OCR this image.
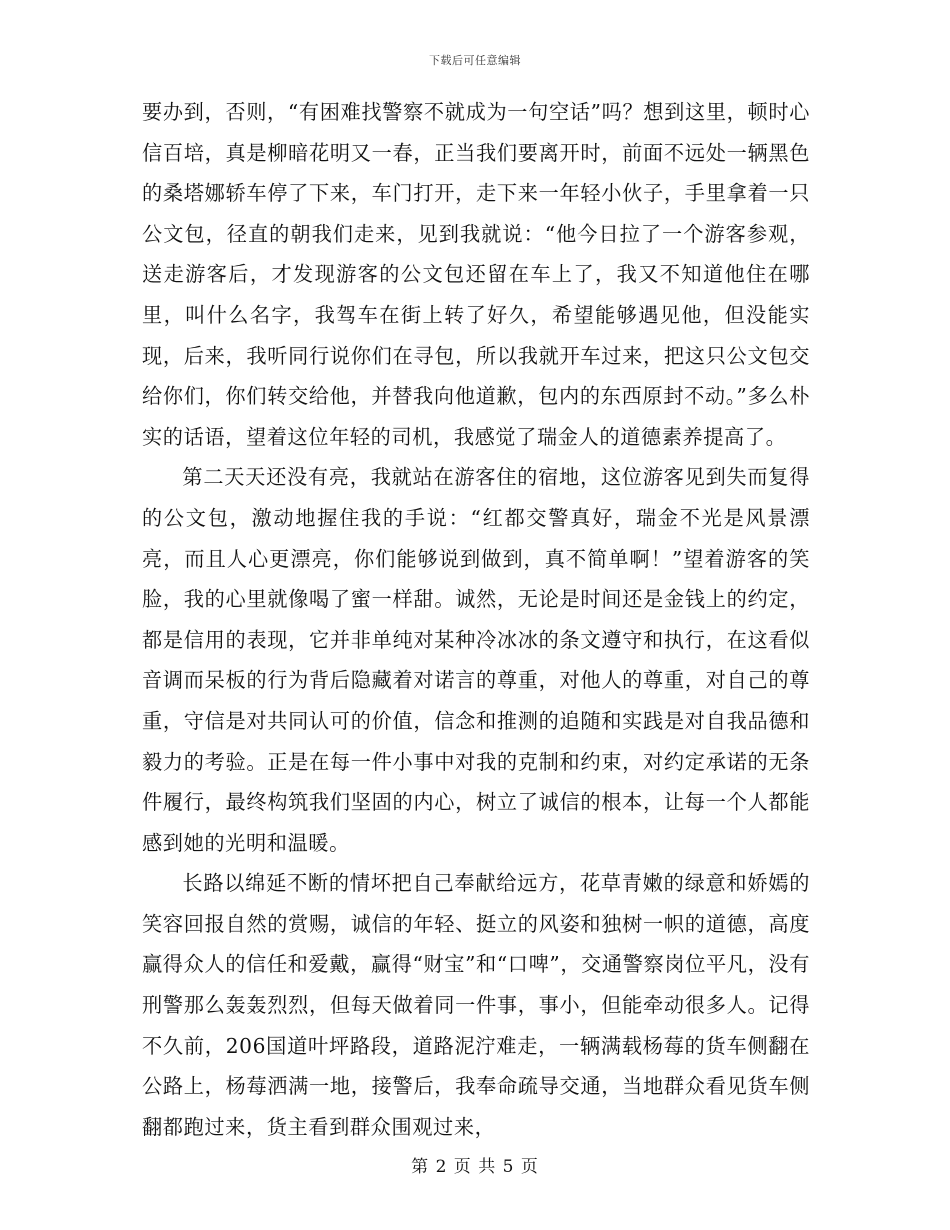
下载后可任意编辑

要办到，否则，“有困难找警察不就成为一句空话”吗？想到这里，顿时心信百培，真是柳暗花明又一春，正当我们要离开时，前面不远处一辆黑色的桑塔娜轿车停了下来，车门打开，走下来一年轻小伙子，手里拿着一只公文包，径直的朝我们走来，见到我就说：“他今日拉了一个游客参观，送走游客后，才发现游客的公文包还留在车上了，我又不知道他住在哪里，叫什么名字，我驾车在街上转了好久，希望能够遇见他，但没能实现，后来，我听同行说你们在寻包，所以我就开车过来，把这只公文包交给你们，你们转交给他，并替我向他道歉，包内的东西原封不动。”多么朴实的话语，望着这位年轻的司机，我感觉了瑞金人的道德素养提高了。

第二天天还没有亮，我就站在游客住的宿地，这位游客见到失而复得的公文包，激动地握住我的手说：“红都交警真好，瑞金不光是风景漂亮，而且人心更漂亮，你们能够说到做到，真不简单啊！”望着游客的笑脸，我的心里就像喝了蜜一样甜。诚然，无论是时间还是金钱上的约定，都是信用的表现，它并非单纯对某种冷冰冰的条文遵守和执行，在这看似音调而呆板的行为背后隐藏着对诺言的尊重，对他人的尊重，对自己的尊重，守信是对共同认可的价值，信念和推测的追随和实践是对自我品德和毅力的考验。正是在每一件小事中对我的克制和约束，对约定承诺的无条件履行，最终构筑我们坚固的内心，树立了诚信的根本，让每一个人都能感到她的光明和温暖。

长路以绵延不断的情坏把自己奉献给远方，花草青嫩的绿意和娇嫣的笑容回报自然的赏赐，诚信的年轻、挺立的风姿和独树一帜的道德，高度赢得众人的信任和爱戴，赢得“财宝”和“口啤”，交通警察岗位平凡，没有刑警那么轰轰烈烈，但每天做着同一件事，事小，但能牵动很多人。记得不久前，206国道叶坪路段，道路泥泞难走，一辆满载杨莓的货车侧翻在公路上，杨莓洒满一地，接警后，我奉命疏导交通，当地群众看见货车侧翻都跑过来，货主看到群众围观过来，

第 2 页 共 5 页
